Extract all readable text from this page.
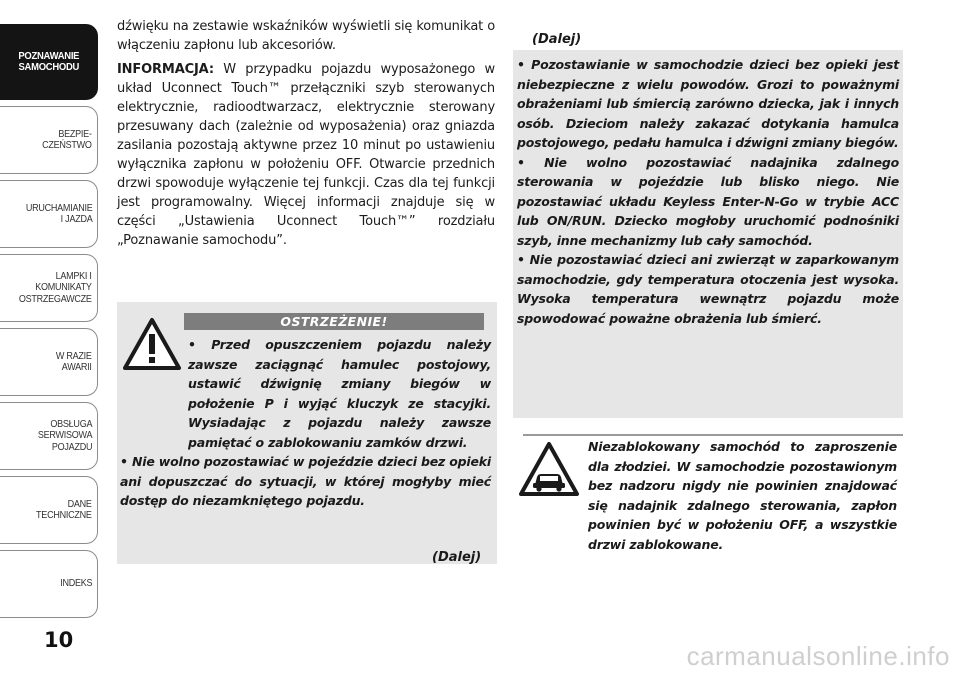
POZNAWANIE
SAMOCHODU
BEZPIE-
CZEŃSTWO
URUCHAMIANIE
I JAZDA
LAMPKI I
KOMUNIKATY
OSTRZEGAWCZE
W RAZIE
AWARII
OBSŁUGA
SERWISOWA
POJAZDU
DANE
TECHNICZNE
INDEKS
10

dźwięku na zestawie wskaźników wyświetli się komunikat o włączeniu zapłonu lub akcesoriów.

INFORMACJA: W przypadku pojazdu wyposażonego w układ Uconnect Touch™ przełączniki szyb sterowanych elektrycznie, radioodtwarzacz, elektrycznie sterowany przesuwany dach (zależnie od wyposażenia) oraz gniazda zasilania pozostają aktywne przez 10 minut po ustawieniu wyłącznika zapłonu w położeniu OFF. Otwarcie przednich drzwi spowoduje wyłączenie tej funkcji. Czas dla tej funkcji jest programowalny. Więcej informacji znajduje się w części „Ustawienia Uconnect Touch™” rozdziału „Poznawanie samochodu”.

OSTRZEŻENIE!

• Przed opuszczeniem pojazdu należy zawsze zaciągnąć hamulec postojowy, ustawić dźwignię zmiany biegów w położenie P i wyjąć kluczyk ze stacyjki. Wysiadając z pojazdu należy zawsze pamiętać o zablokowaniu zamków drzwi.

• Nie wolno pozostawiać w pojeździe dzieci bez opieki ani dopuszczać do sytuacji, w której mogłyby mieć dostęp do niezamkniętego pojazdu.

(Dalej)
(Dalej)

• Pozostawianie w samochodzie dzieci bez opieki jest niebezpieczne z wielu powodów. Grozi to poważnymi obrażeniami lub śmiercią zarówno dziecka, jak i innych osób. Dzieciom należy zakazać dotykania hamulca postojowego, pedału hamulca i dźwigni zmiany biegów.

• Nie wolno pozostawiać nadajnika zdalnego sterowania w pojeździe lub blisko niego. Nie pozostawiać układu Keyless Enter-N-Go w trybie ACC lub ON/RUN. Dziecko mogłoby uruchomić podnośniki szyb, inne mechanizmy lub cały samochód.

• Nie pozostawiać dzieci ani zwierząt w zaparkowanym samochodzie, gdy temperatura otoczenia jest wysoka. Wysoka temperatura wewnątrz pojazdu może spowodować poważne obrażenia lub śmierć.

Niezablokowany samochód to zaproszenie dla złodziei. W samochodzie pozostawionym bez nadzoru nigdy nie powinien znajdować się nadajnik zdalnego sterowania, zapłon powinien być w położeniu OFF, a wszystkie drzwi zablokowane.

carmanualsonline.info
